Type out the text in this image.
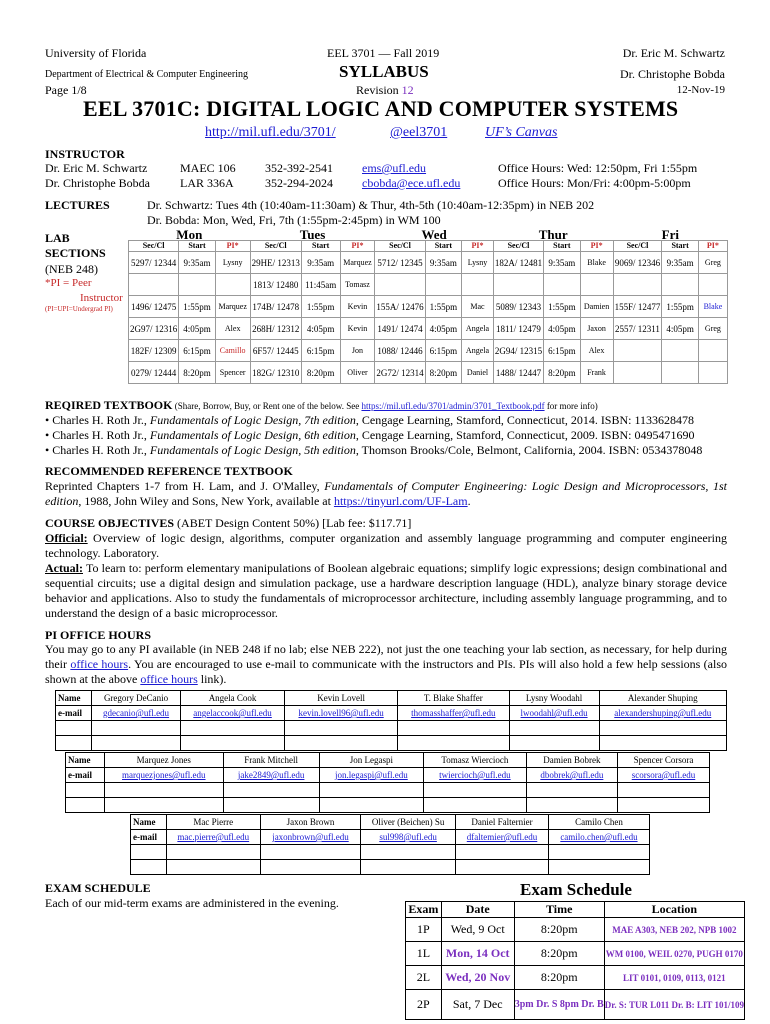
University of Florida	EEL 3701 — Fall 2019	Dr. Eric M. Schwartz
Department of Electrical & Computer Engineering	SYLLABUS	Dr. Christophe Bobda
Page 1/8	Revision 12	12-Nov-19
EEL 3701C: DIGITAL LOGIC AND COMPUTER SYSTEMS
http://mil.ufl.edu/3701/	@eel3701	UF’s Canvas
INSTRUCTOR
Dr. Eric M. Schwartz	MAEC 106 352-392-2541 ems@ufl.edu	Office Hours: Wed: 12:50pm, Fri 1:55pm
Dr. Christophe Bobda	LAR 336A	352-294-2024 cbobda@ece.ufl.edu	Office Hours: Mon/Fri: 4:00pm-5:00pm
LECTURES	Dr. Schwartz: Tues 4th (10:40am-11:30am) & Thur, 4th-5th (10:40am-12:35pm) in NEB 202
Dr. Bobda: Mon, Wed, Fri, 7th (1:55pm-2:45pm) in WM 100
LAB
SECTIONS
(NEB 248)
*PI = Peer
Instructor
(PI=UPI=Undergrad PI)
Mon			Tues			Wed			Thur			Fri		
Sec/Cl	Start	PI*	Sec/Cl	Start	PI*	Sec/Cl	Start	PI*	Sec/Cl	Start	PI*	Sec/Cl	Start	PI*
5297/ 12344	9:35am	Lysny	29HE/ 12313	9:35am	Marquez	5712/ 12345	9:35am	Lysny	182A/ 12481	9:35am	Blake	9069/ 12346	9:35am	Greg
			1813/ 12480	11:45am	Tomasz									
1496/ 12475	1:55pm	Marquez	174B/ 12478	1:55pm	Kevin	155A/ 12476	1:55pm	Mac	5089/ 12343	1:55pm	Damien	155F/ 12477	1:55pm	Blake
2G97/ 12316	4:05pm	Alex	268H/ 12312	4:05pm	Kevin	1491/ 12474	4:05pm	Angela	1811/ 12479	4:05pm	Jaxon	2557/ 12311	4:05pm	Greg
182F/ 12309	6:15pm	Camillo	6F57/ 12445	6:15pm	Jon	1088/ 12446	6:15pm	Angela	2G94/ 12315	6:15pm	Alex			
0279/ 12444	8:20pm	Spencer	182G/ 12310	8:20pm	Oliver	2G72/ 12314	8:20pm	Daniel	1488/ 12447	8:20pm	Frank			
REQIRED TEXTBOOK (Share, Borrow, Buy, or Rent one of the below. See https://mil.ufl.edu/3701/admin/3701_Textbook.pdf for more info)
• Charles H. Roth Jr., Fundamentals of Logic Design, 7th edition, Cengage Learning, Stamford, Connecticut, 2014. ISBN: 1133628478
• Charles H. Roth Jr., Fundamentals of Logic Design, 6th edition, Cengage Learning, Stamford, Connecticut, 2009. ISBN: 0495471690
• Charles H. Roth Jr., Fundamentals of Logic Design, 5th edition, Thomson Brooks/Cole, Belmont, California, 2004. ISBN: 0534378048
RECOMMENDED REFERENCE TEXTBOOK

Reprinted Chapters 1-7 from H. Lam, and J. O'Malley, Fundamentals of Computer Engineering: Logic Design and Microprocessors, 1st edition, 1988, John Wiley and Sons, New York, available at https://tinyurl.com/UF-Lam.

COURSE OBJECTIVES (ABET Design Content 50%) [Lab fee: $117.71]

Official: Overview of logic design, algorithms, computer organization and assembly language programming and computer engineering technology. Laboratory.

Actual: To learn to: perform elementary manipulations of Boolean algebraic equations; simplify logic expressions; design combinational and sequential circuits; use a digital design and simulation package, use a hardware description language (HDL), analyze binary storage device behavior and applications. Also to study the fundamentals of microprocessor architecture, including assembly language programming, and to understand the design of a basic microprocessor.

PI OFFICE HOURS

You may go to any PI available (in NEB 248 if no lab; else NEB 222), not just the one teaching your lab section, as necessary, for help during their office hours. You are encouraged to use e-mail to communicate with the instructors and PIs. PIs will also hold a few help sessions (also shown at the above office hours link).

Name	Gregory DeCanio	Angela Cook	Kevin Lovell	T. Blake Shaffer	Lysny Woodahl	Alexander Shuping
e-mail	gdecanio@ufl.edu	angelaccook@ufl.edu	kevin.lovell96@ufl.edu	thomasshaffer@ufl.edu	lwoodahl@ufl.edu	alexandershuping@ufl.edu

Name	Marquez Jones	Frank Mitchell	Jon Legaspi	Tomasz Wiercioch	Damien Bobrek	Spencer Corsora
e-mail	marquezjones@ufl.edu	jake2849@ufl.edu	jon.legaspi@ufl.edu	twiercioch@ufl.edu	dbobrek@ufl.edu	scorsora@ufl.edu

Name	Mac Pierre	Jaxon Brown	Oliver (Beichen) Su	Daniel Falternier	Camilo Chen
e-mail	mac.pierre@ufl.edu	jaxonbrown@ufl.edu	sul998@ufl.edu	dfaltemier@ufl.edu	camilo.chen@ufl.edu

EXAM SCHEDULE
Each of our mid-term exams are administered in the evening.
Exam Schedule
Exam	Date	Time	Location
1P	Wed, 9 Oct	8:20pm	MAE A303, NEB 202, NPB 1002
1L	Mon, 14 Oct	8:20pm	WM 0100, WEIL 0270, PUGH 0170
2L	Wed, 20 Nov	8:20pm	LIT 0101, 0109, 0113, 0121
2P	Sat, 7 Dec	3pm Dr. S 8pm Dr. B	Dr. S: TUR L011 Dr. B: LIT 101/109
